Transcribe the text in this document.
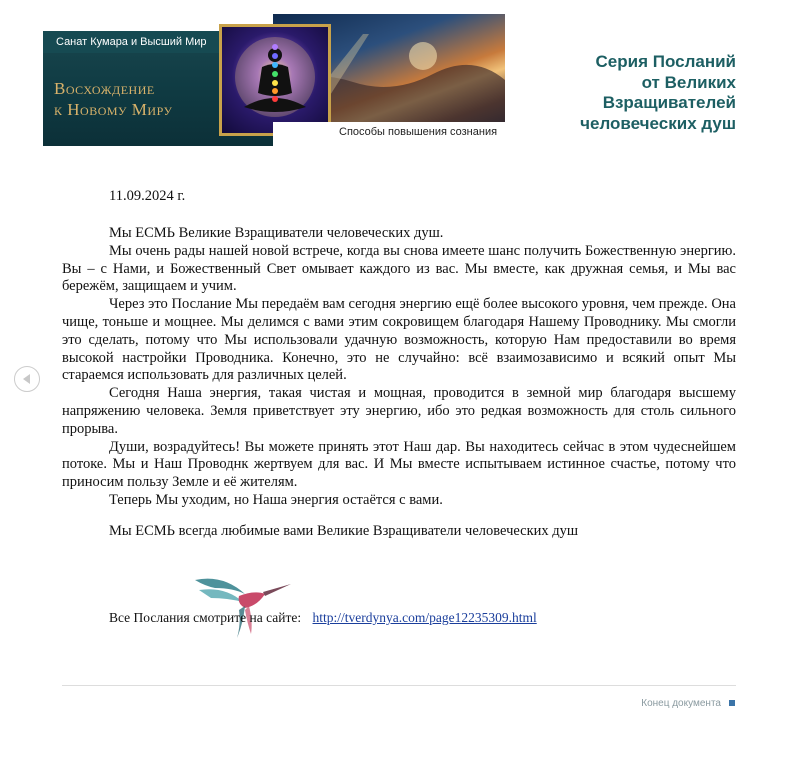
Санат Кумара и Высший Мир
Восхождение
к Новому Миру
Способы повышения сознания
Серия Посланий
от Великих
Взращивателей
человеческих душ
11.09.2024 г.

Мы ЕСМЬ Великие Взращиватели человеческих душ.

Мы очень рады нашей новой встрече, когда вы снова имеете шанс получить Божественную энергию. Вы – с Нами, и Божественный Свет омывает каждого из вас. Мы вместе, как дружная семья, и Мы вас бережём, защищаем и учим.

Через это Послание Мы передаём вам сегодня энергию ещё более высокого уровня, чем прежде. Она чище, тоньше и мощнее. Мы делимся с вами этим сокровищем благодаря Нашему Проводнику. Мы смогли это сделать, потому что Мы использовали удачную возможность, которую Нам предоставили во время высокой настройки Проводника. Конечно, это не случайно: всё взаимозависимо и всякий опыт Мы стараемся использовать для различных целей.

Сегодня Наша энергия, такая чистая и мощная, проводится в земной мир благодаря высшему напряжению человека. Земля приветствует эту энергию, ибо это редкая возможность для столь сильного прорыва.

Души, возрадуйтесь! Вы можете принять этот Наш дар. Вы находитесь сейчас в этом чудеснейшем потоке. Мы и Наш Проводнк жертвуем для вас. И Мы вместе испытываем истинное счастье, потому что приносим пользу Земле и её жителям.

Теперь Мы уходим, но Наша энергия остаётся с вами.

Мы ЕСМЬ всегда любимые вами Великие Взращиватели человеческих душ
Все Послания смотрите на сайте: http://tverdynya.com/page12235309.html
Конец документа
